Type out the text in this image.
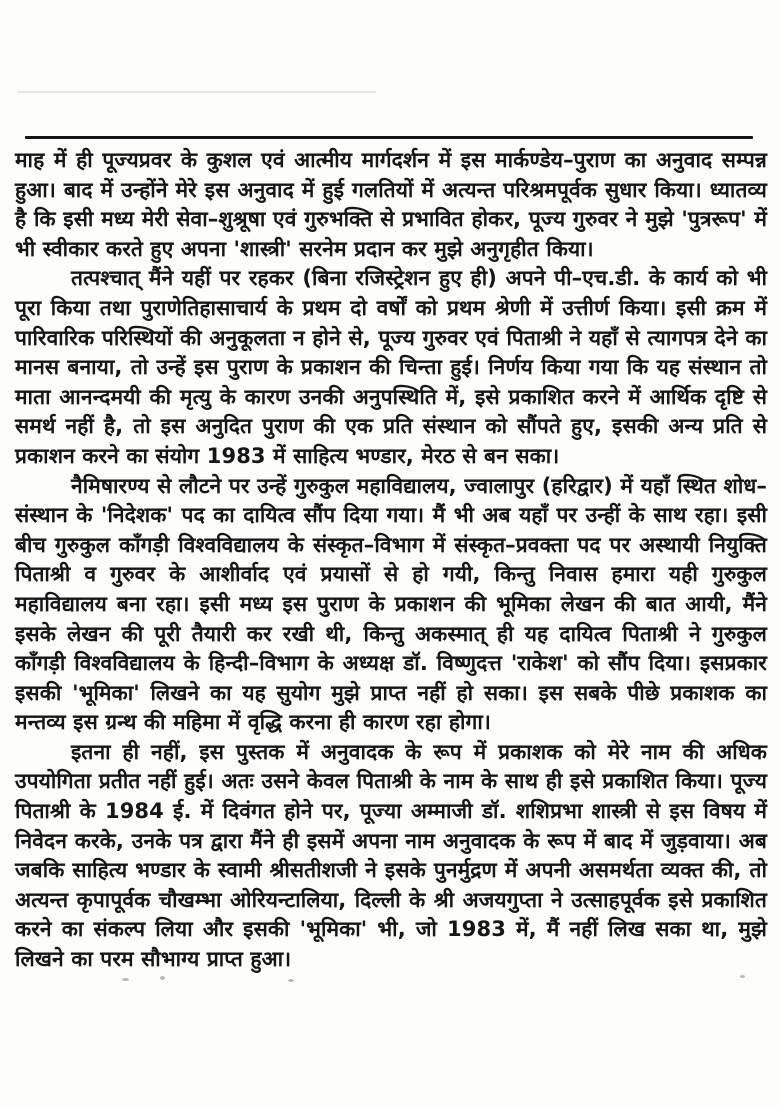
माह में ही पूज्यप्रवर के कुशल एवं आत्मीय मार्गदर्शन में इस मार्कण्डेय–पुराण का अनुवाद सम्पन्न हुआ। बाद में उन्होंने मेरे इस अनुवाद में हुई गलतियों में अत्यन्त परिश्रमपूर्वक सुधार किया। ध्यातव्य है कि इसी मध्य मेरी सेवा–शुश्रूषा एवं गुरुभक्ति से प्रभावित होकर, पूज्य गुरुवर ने मुझे 'पुत्ररूप' में भी स्वीकार करते हुए अपना 'शास्त्री' सरनेम प्रदान कर मुझे अनुगृहीत किया।

तत्पश्चात् मैंने यहीं पर रहकर (बिना रजिस्ट्रेशन हुए ही) अपने पी–एच.डी. के कार्य को भी पूरा किया तथा पुराणेतिहासाचार्य के प्रथम दो वर्षों को प्रथम श्रेणी में उत्तीर्ण किया। इसी क्रम में पारिवारिक परिस्थियों की अनुकूलता न होने से, पूज्य गुरुवर एवं पिताश्री ने यहाँ से त्यागपत्र देने का मानस बनाया, तो उन्हें इस पुराण के प्रकाशन की चिन्ता हुई। निर्णय किया गया कि यह संस्थान तो माता आनन्दमयी की मृत्यु के कारण उनकी अनुपस्थिति में, इसे प्रकाशित करने में आर्थिक दृष्टि से समर्थ नहीं है, तो इस अनुदित पुराण की एक प्रति संस्थान को सौंपते हुए, इसकी अन्य प्रति से प्रकाशन करने का संयोग 1983 में साहित्य भण्डार, मेरठ से बन सका।

नैमिषारण्य से लौटने पर उन्हें गुरुकुल महाविद्यालय, ज्वालापुर (हरिद्वार) में यहाँ स्थित शोध–संस्थान के 'निदेशक' पद का दायित्व सौंप दिया गया। मैं भी अब यहाँ पर उन्हीं के साथ रहा। इसी बीच गुरुकुल काँगड़ी विश्वविद्यालय के संस्कृत–विभाग में संस्कृत–प्रवक्ता पद पर अस्थायी नियुक्ति पिताश्री व गुरुवर के आशीर्वाद एवं प्रयासों से हो गयी, किन्तु निवास हमारा यही गुरुकुल महाविद्यालय बना रहा। इसी मध्य इस पुराण के प्रकाशन की भूमिका लेखन की बात आयी, मैंने इसके लेखन की पूरी तैयारी कर रखी थी, किन्तु अकस्मात् ही यह दायित्व पिताश्री ने गुरुकुल काँगड़ी विश्वविद्यालय के हिन्दी–विभाग के अध्यक्ष डॉ. विष्णुदत्त 'राकेश' को सौंप दिया। इसप्रकार इसकी 'भूमिका' लिखने का यह सुयोग मुझे प्राप्त नहीं हो सका। इस सबके पीछे प्रकाशक का मन्तव्य इस ग्रन्थ की महिमा में वृद्धि करना ही कारण रहा होगा।

इतना ही नहीं, इस पुस्तक में अनुवादक के रूप में प्रकाशक को मेरे नाम की अधिक उपयोगिता प्रतीत नहीं हुई। अतः उसने केवल पिताश्री के नाम के साथ ही इसे प्रकाशित किया। पूज्य पिताश्री के 1984 ई. में दिवंगत होने पर, पूज्या अम्माजी डॉ. शशिप्रभा शास्त्री से इस विषय में निवेदन करके, उनके पत्र द्वारा मैंने ही इसमें अपना नाम अनुवादक के रूप में बाद में जुड़वाया। अब जबकि साहित्य भण्डार के स्वामी श्रीसतीशजी ने इसके पुनर्मुद्रण में अपनी असमर्थता व्यक्त की, तो अत्यन्त कृपापूर्वक चौखम्भा ओरियन्टालिया, दिल्ली के श्री अजयगुप्ता ने उत्साहपूर्वक इसे प्रकाशित करने का संकल्प लिया और इसकी 'भूमिका' भी, जो 1983 में, मैं नहीं लिख सका था, मुझे लिखने का परम सौभाग्य प्राप्त हुआ।
